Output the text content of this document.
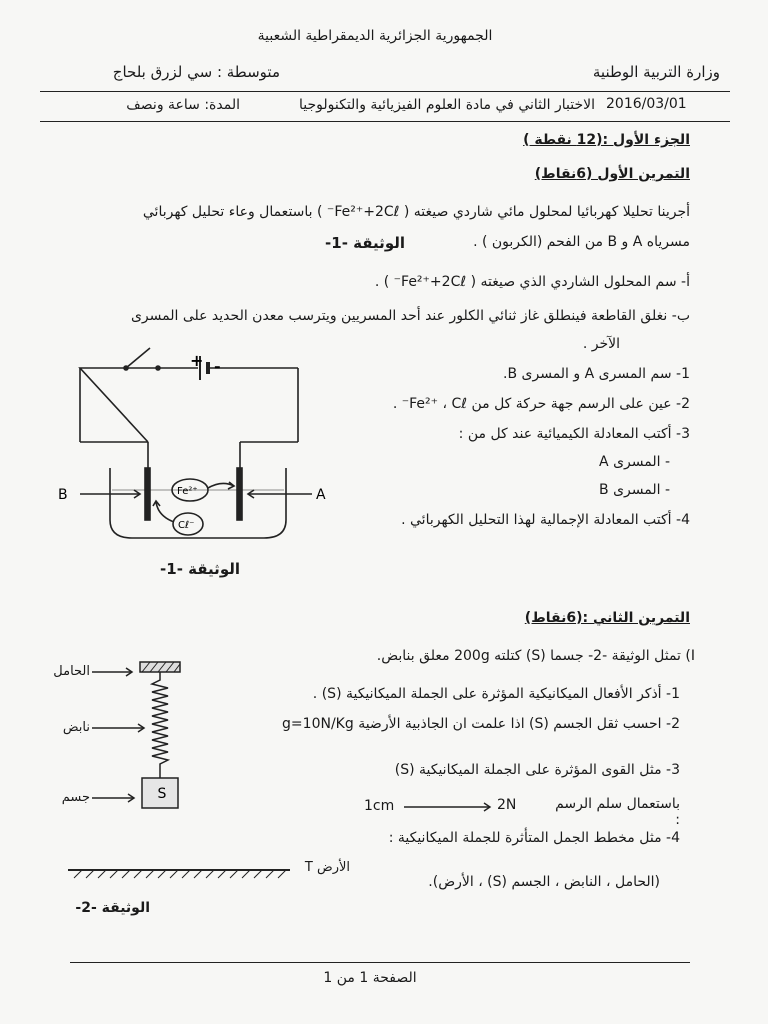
الجمهورية الجزائرية الديمقراطية الشعبية
وزارة التربية الوطنية
متوسطة : سي لزرق بلحاج
2016/03/01
الاختبار الثاني في مادة العلوم الفيزيائية والتكنولوجيا
المدة: ساعة ونصف
الجزء الأول :(12 نقطة )
التمرين الأول (6نقاط)
أجرينا تحليلا كهربائيا لمحلول مائي شاردي صيغته ( Fe²⁺+2Cℓ⁻ ) باستعمال وعاء تحليل كهربائي
مسرياه A و B من الفحم (الكربون ) .
الوثيقة -1-
أ- سم المحلول الشاردي الذي صيغته ( Fe²⁺+2Cℓ⁻ ) .
ب- نغلق القاطعة فينطلق غاز ثنائي الكلور عند أحد المسريين ويترسب معدن الحديد على المسرى
الآخر .
1- سم المسرى A و المسرى B.
2- عين على الرسم جهة حركة كل من Fe²⁺ ، Cℓ⁻ .
3- أكتب المعادلة الكيميائية عند كل من :
- المسرى A
- المسرى B
4- أكتب المعادلة الإجمالية لهذا التحليل الكهربائي .
+ -
B	A
Fe²⁺
Cℓ⁻
الوثيقة -1-
التمرين الثاني :(6نقاط)
I) تمثل الوثيقة -2- جسما (S) كتلته 200g معلق بنابض.
1- أذكر الأفعال الميكانيكية المؤثرة على الجملة الميكانيكية (S) .
2- احسب ثقل الجسم (S) اذا علمت ان الجاذبية الأرضية g=10N/Kg
3- مثل القوى المؤثرة على الجملة الميكانيكية (S)
باستعمال سلم الرسم :
2N
1cm
4- مثل مخطط الجمل المتأثرة للجملة الميكانيكية :
(الحامل ، النابض ، الجسم (S) ، الأرض).
S
الحامل
نابض
جسم
الأرض T
الوثيقة -2-
الصفحة 1 من 1
